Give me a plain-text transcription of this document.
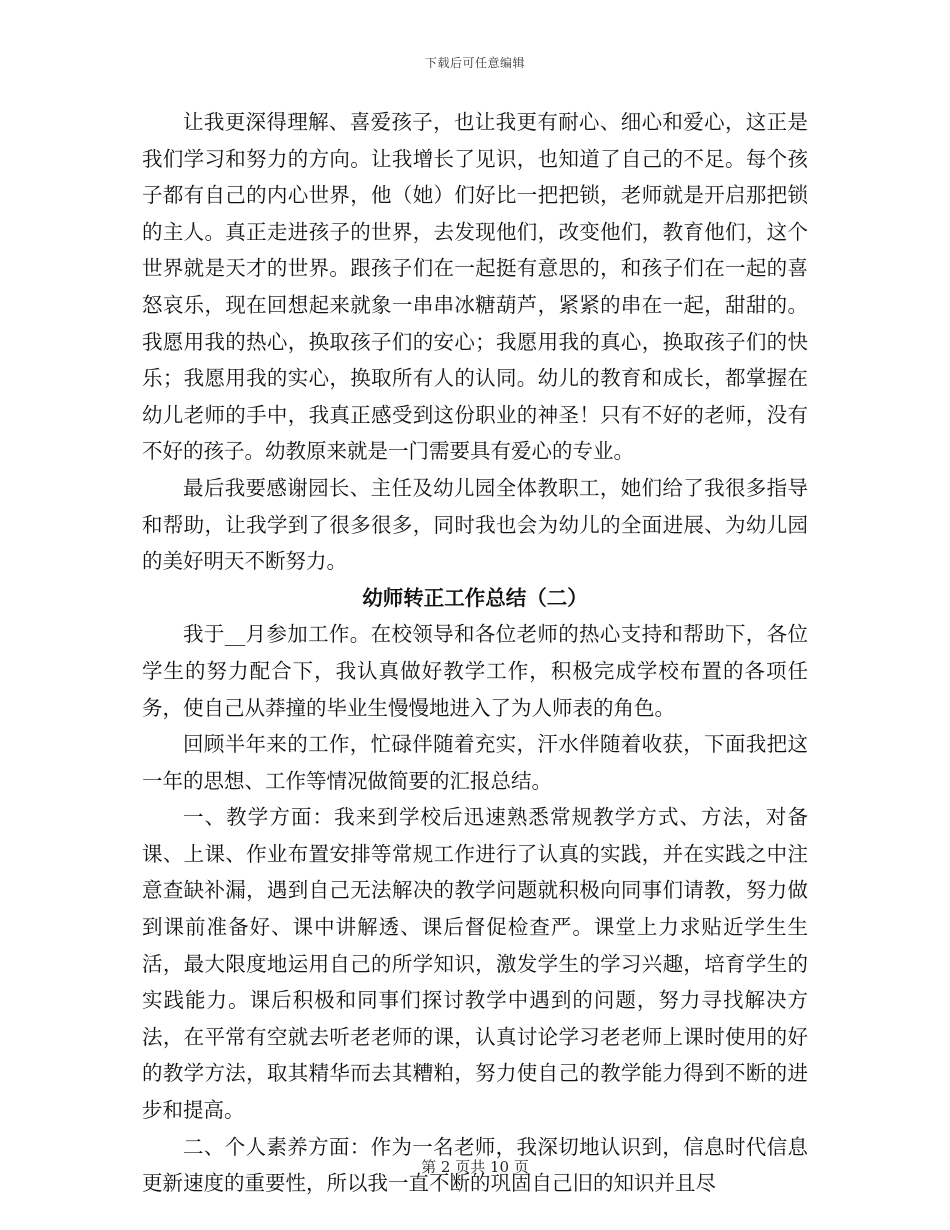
下载后可任意编辑

让我更深得理解、喜爱孩子，也让我更有耐心、细心和爱心，这正是我们学习和努力的方向。让我增长了见识，也知道了自己的不足。每个孩子都有自己的内心世界，他（她）们好比一把把锁，老师就是开启那把锁的主人。真正走进孩子的世界，去发现他们，改变他们，教育他们，这个世界就是天才的世界。跟孩子们在一起挺有意思的，和孩子们在一起的喜怒哀乐，现在回想起来就象一串串冰糖葫芦，紧紧的串在一起，甜甜的。我愿用我的热心，换取孩子们的安心；我愿用我的真心，换取孩子们的快乐；我愿用我的实心，换取所有人的认同。幼儿的教育和成长，都掌握在幼儿老师的手中，我真正感受到这份职业的神圣！只有不好的老师，没有不好的孩子。幼教原来就是一门需要具有爱心的专业。

最后我要感谢园长、主任及幼儿园全体教职工，她们给了我很多指导和帮助，让我学到了很多很多，同时我也会为幼儿的全面进展、为幼儿园的美好明天不断努力。

幼师转正工作总结（二）

我于__月参加工作。在校领导和各位老师的热心支持和帮助下，各位学生的努力配合下，我认真做好教学工作，积极完成学校布置的各项任务，使自己从莽撞的毕业生慢慢地进入了为人师表的角色。

回顾半年来的工作，忙碌伴随着充实，汗水伴随着收获，下面我把这一年的思想、工作等情况做简要的汇报总结。

一、教学方面：我来到学校后迅速熟悉常规教学方式、方法，对备课、上课、作业布置安排等常规工作进行了认真的实践，并在实践之中注意查缺补漏，遇到自己无法解决的教学问题就积极向同事们请教，努力做到课前准备好、课中讲解透、课后督促检查严。课堂上力求贴近学生生活，最大限度地运用自己的所学知识，激发学生的学习兴趣，培育学生的实践能力。课后积极和同事们探讨教学中遇到的问题，努力寻找解决方法，在平常有空就去听老老师的课，认真讨论学习老老师上课时使用的好的教学方法，取其精华而去其糟粕，努力使自己的教学能力得到不断的进步和提高。

二、个人素养方面：作为一名老师，我深切地认识到，信息时代信息更新速度的重要性，所以我一直不断的巩固自己旧的知识并且尽

第 2 页共 10 页
